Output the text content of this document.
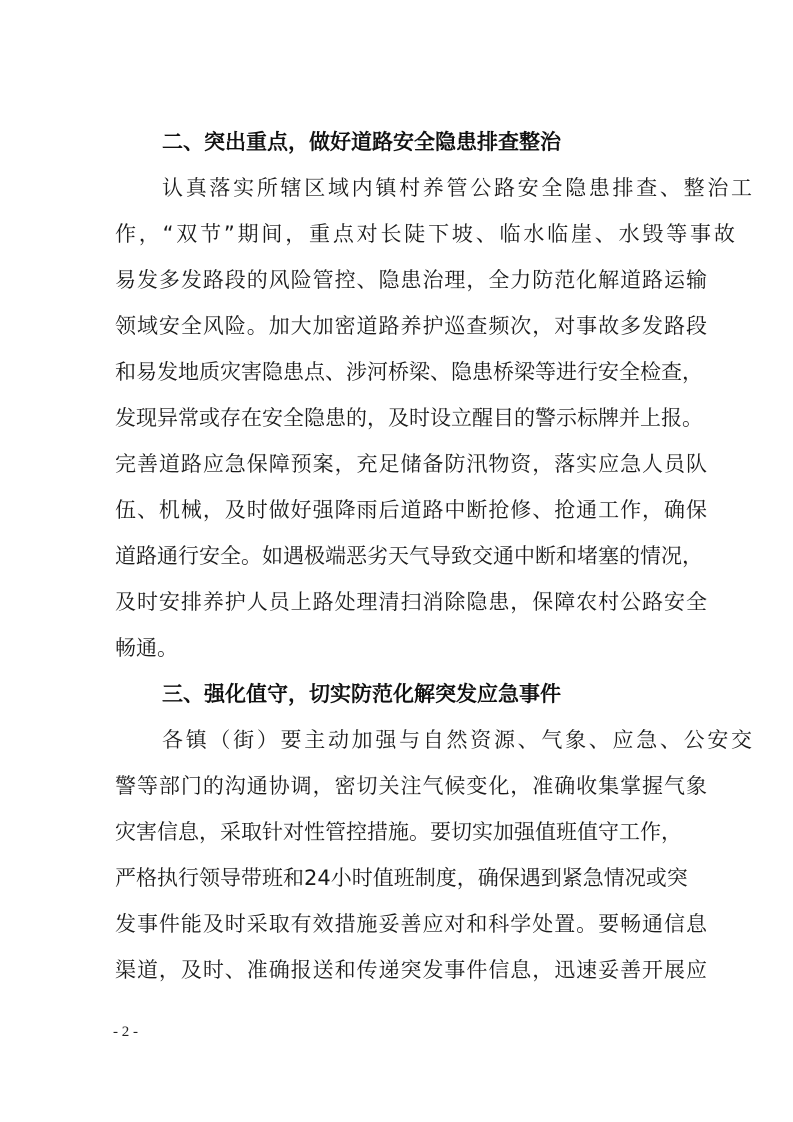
二、突出重点，做好道路安全隐患排查整治

认真落实所辖区域内镇村养管公路安全隐患排查、整治工

作，“双节”期间，重点对长陡下坡、临水临崖、水毁等事故

易发多发路段的风险管控、隐患治理，全力防范化解道路运输

领域安全风险。加大加密道路养护巡查频次，对事故多发路段

和易发地质灾害隐患点、涉河桥梁、隐患桥梁等进行安全检查，

发现异常或存在安全隐患的，及时设立醒目的警示标牌并上报。

完善道路应急保障预案，充足储备防汛物资，落实应急人员队

伍、机械，及时做好强降雨后道路中断抢修、抢通工作，确保

道路通行安全。如遇极端恶劣天气导致交通中断和堵塞的情况，

及时安排养护人员上路处理清扫消除隐患，保障农村公路安全

畅通。

三、强化值守，切实防范化解突发应急事件

各镇（街）要主动加强与自然资源、气象、应急、公安交

警等部门的沟通协调，密切关注气候变化，准确收集掌握气象

灾害信息，采取针对性管控措施。要切实加强值班值守工作，

严格执行领导带班和24小时值班制度，确保遇到紧急情况或突

发事件能及时采取有效措施妥善应对和科学处置。要畅通信息

渠道，及时、准确报送和传递突发事件信息，迅速妥善开展应

- 2 -
